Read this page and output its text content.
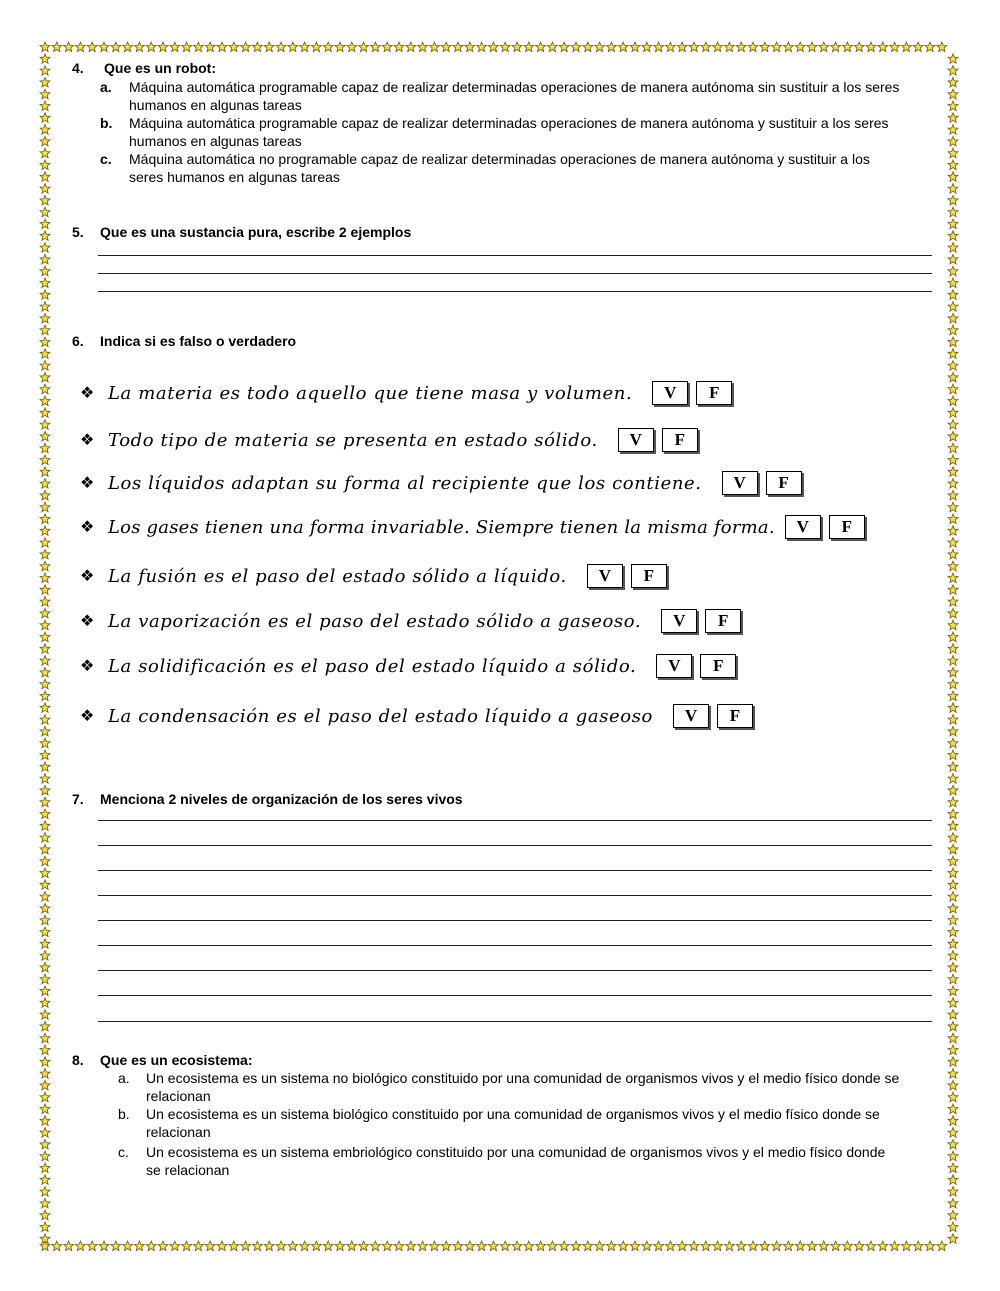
4. Que es un robot:
a. Máquina automática programable capaz de realizar determinadas operaciones de manera autónoma sin sustituir a los seres
humanos en algunas tareas
b. Máquina automática programable capaz de realizar determinadas operaciones de manera autónoma y sustituir a los seres
humanos en algunas tareas
c. Máquina automática no programable capaz de realizar determinadas operaciones de manera autónoma y sustituir a los
seres humanos en algunas tareas
5. Que es una sustancia pura, escribe 2 ejemplos
6. Indica si es falso o verdadero
❖ La materia es todo aquello que tiene masa y volumen.	V	F
❖ Todo tipo de materia se presenta en estado sólido.	V	F
❖ Los líquidos adaptan su forma al recipiente que los contiene.	V	F
❖ Los gases tienen una forma invariable. Siempre tienen la misma forma.	V	F
❖ La fusión es el paso del estado sólido a líquido.	V	F
❖ La vaporización es el paso del estado sólido a gaseoso.	V	F
❖ La solidificación es el paso del estado líquido a sólido.	V	F
❖ La condensación es el paso del estado líquido a gaseoso	V	F
7. Menciona 2 niveles de organización de los seres vivos
8. Que es un ecosistema:
a. Un ecosistema es un sistema no biológico constituido por una comunidad de organismos vivos y el medio físico donde se
relacionan
b. Un ecosistema es un sistema biológico constituido por una comunidad de organismos vivos y el medio físico donde se
relacionan
c. Un ecosistema es un sistema embriológico constituido por una comunidad de organismos vivos y el medio físico donde
se relacionan
